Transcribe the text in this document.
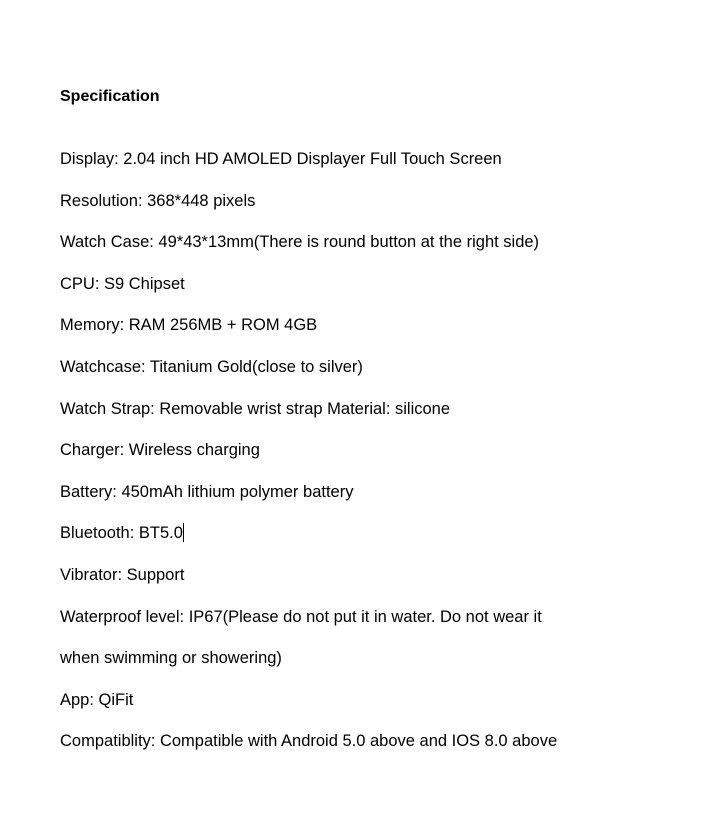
Specification
Display: 2.04 inch HD AMOLED Displayer Full Touch Screen
Resolution: 368*448 pixels
Watch Case: 49*43*13mm(There is round button at the right side)
CPU: S9 Chipset
Memory: RAM 256MB + ROM 4GB
Watchcase: Titanium Gold(close to silver)
Watch Strap: Removable wrist strap Material: silicone
Charger: Wireless charging
Battery: 450mAh lithium polymer battery
Bluetooth: BT5.0
Vibrator: Support
Waterproof level: IP67(Please do not put it in water. Do not wear it
when swimming or showering)
App: QiFit
Compatiblity: Compatible with Android 5.0 above and IOS 8.0 above
